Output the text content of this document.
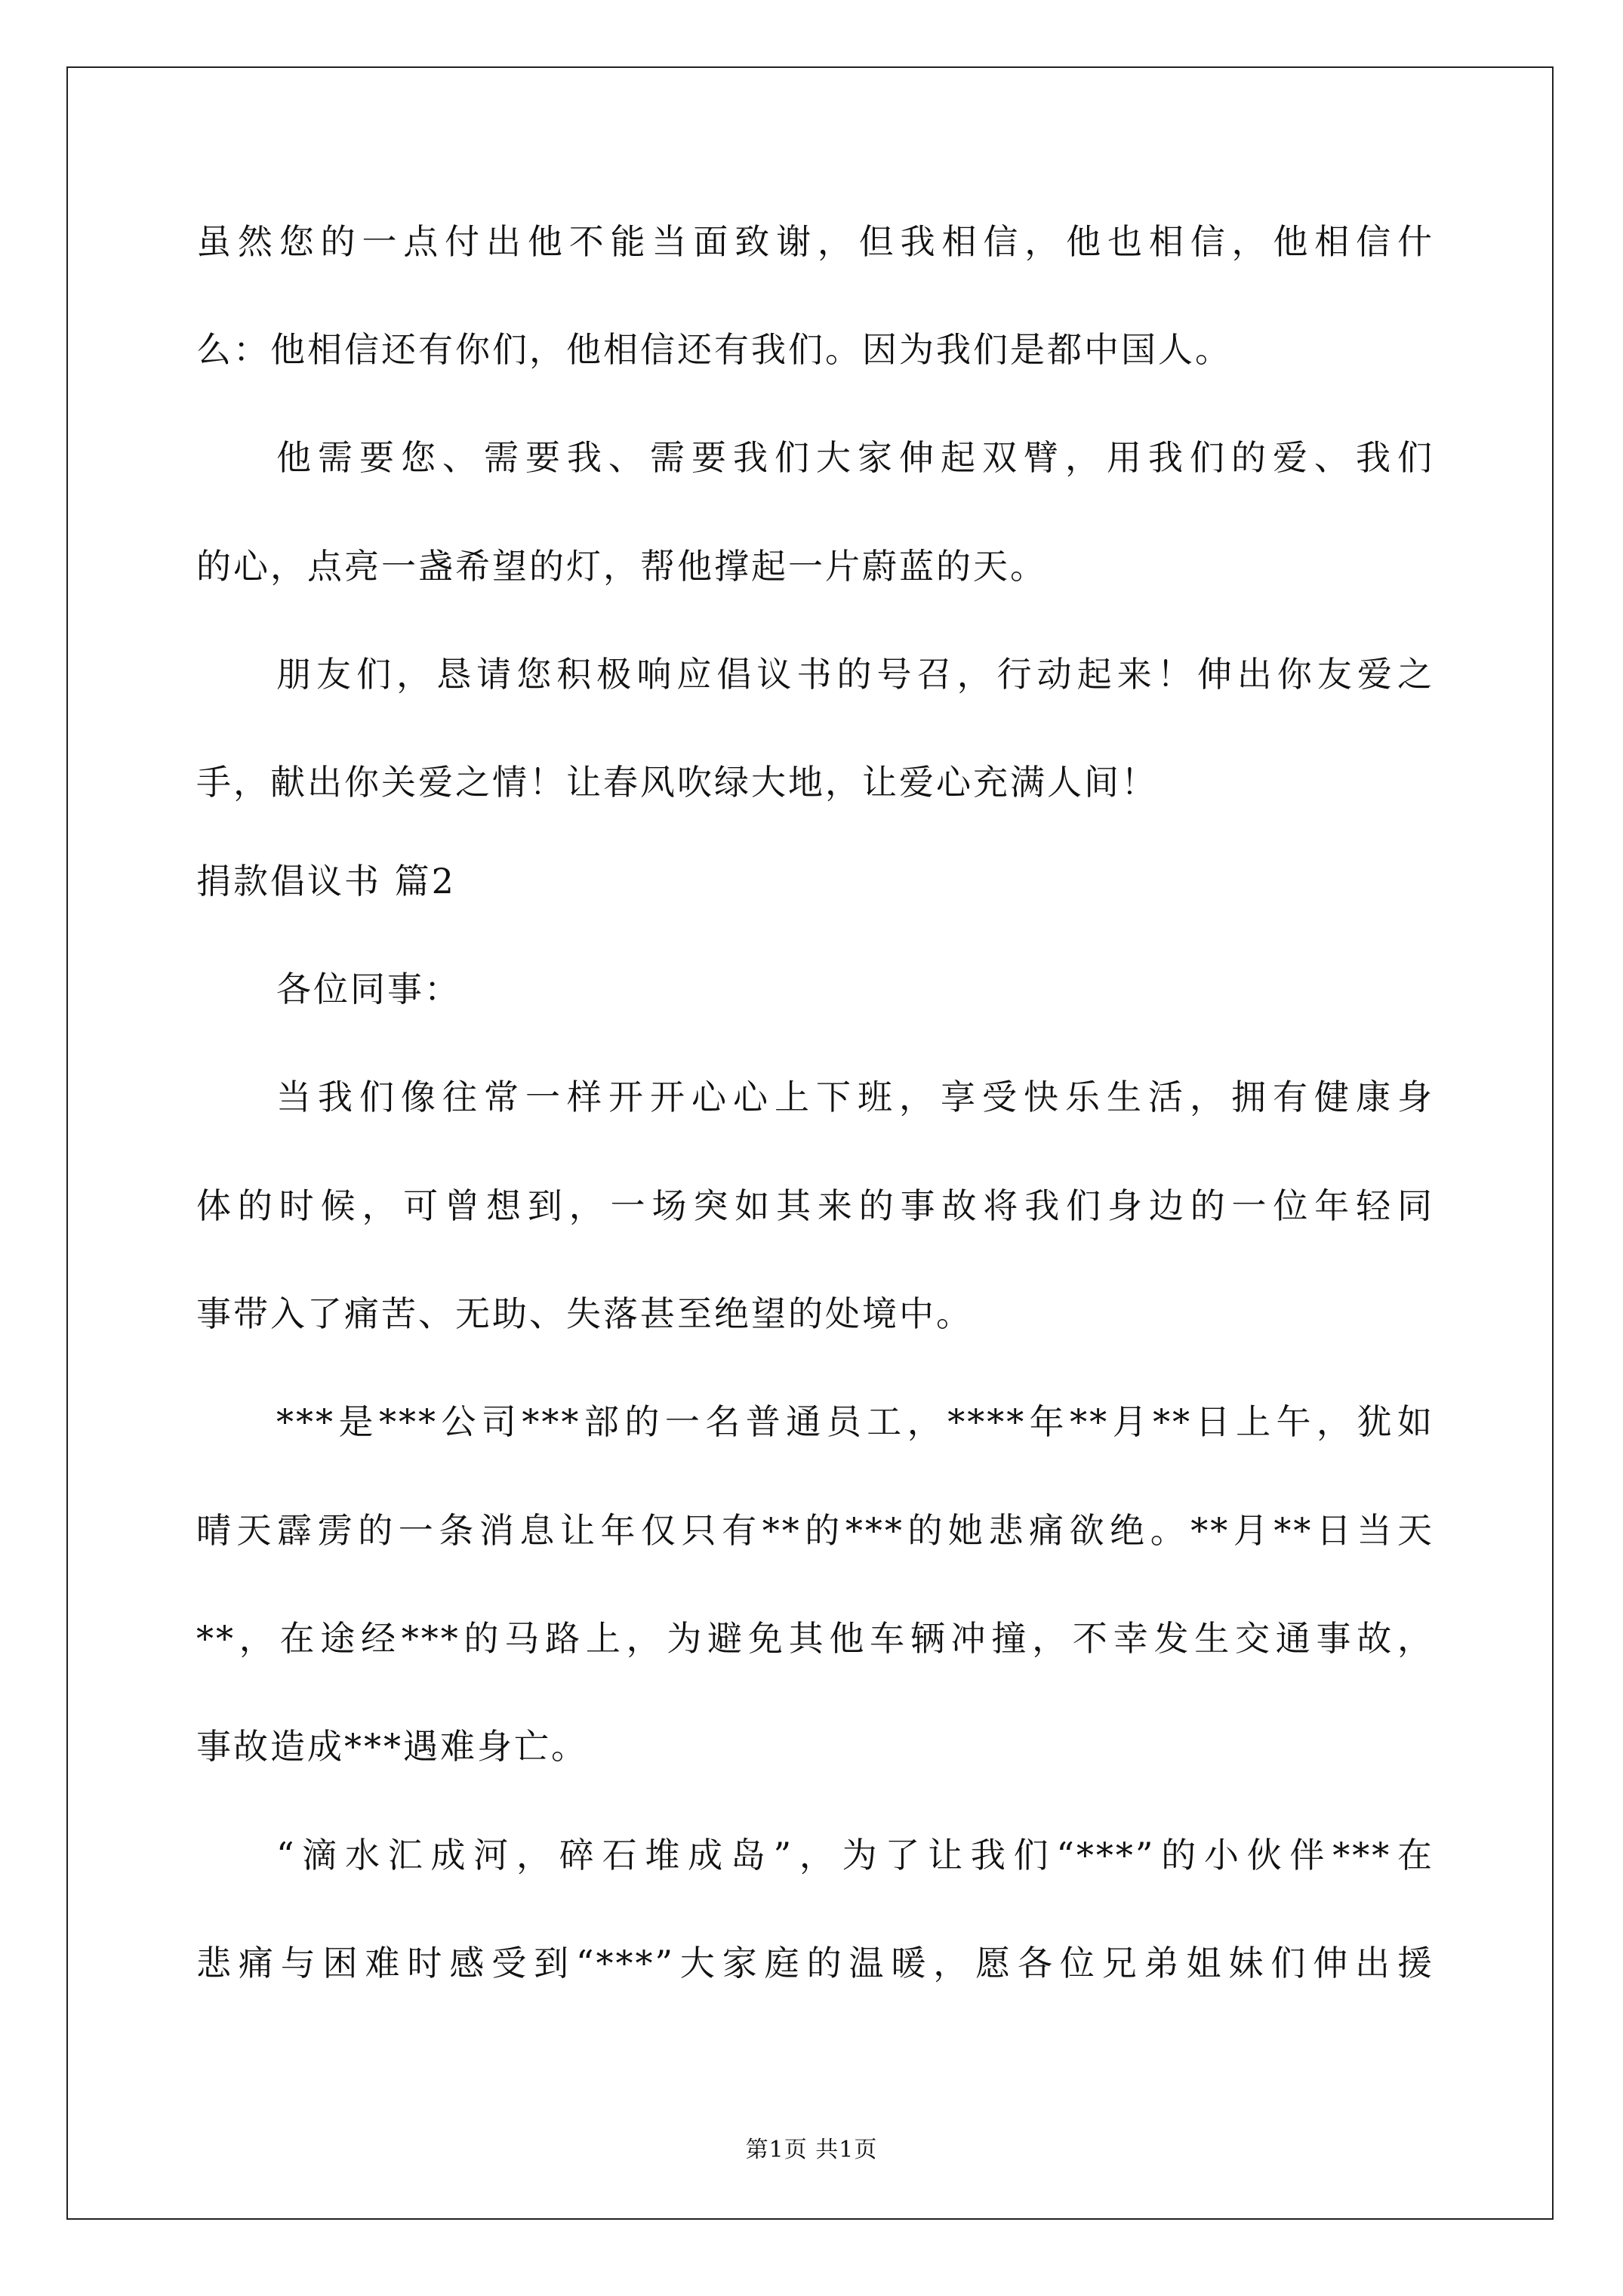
虽然您的一点付出他不能当面致谢，但我相信，他也相信，他相信什
么：他相信还有你们，他相信还有我们。因为我们是都中国人。
他需要您、需要我、需要我们大家伸起双臂，用我们的爱、我们
的心，点亮一盏希望的灯，帮他撑起一片蔚蓝的天。
朋友们，恳请您积极响应倡议书的号召，行动起来！伸出你友爱之
手，献出你关爱之情！让春风吹绿大地，让爱心充满人间！
捐款倡议书 篇2
各位同事：
当我们像往常一样开开心心上下班，享受快乐生活，拥有健康身
体的时候，可曾想到，一场突如其来的事故将我们身边的一位年轻同
事带入了痛苦、无助、失落甚至绝望的处境中。
***是***公司***部的一名普通员工，****年**月**日上午，犹如
晴天霹雳的一条消息让年仅只有**的***的她悲痛欲绝。**月**日当天
**，在途经***的马路上，为避免其他车辆冲撞，不幸发生交通事故，
事故造成***遇难身亡。
“滴水汇成河，碎石堆成岛”，为了让我们“***”的小伙伴***在
悲痛与困难时感受到“***”大家庭的温暖，愿各位兄弟姐妹们伸出援
第1页 共1页
